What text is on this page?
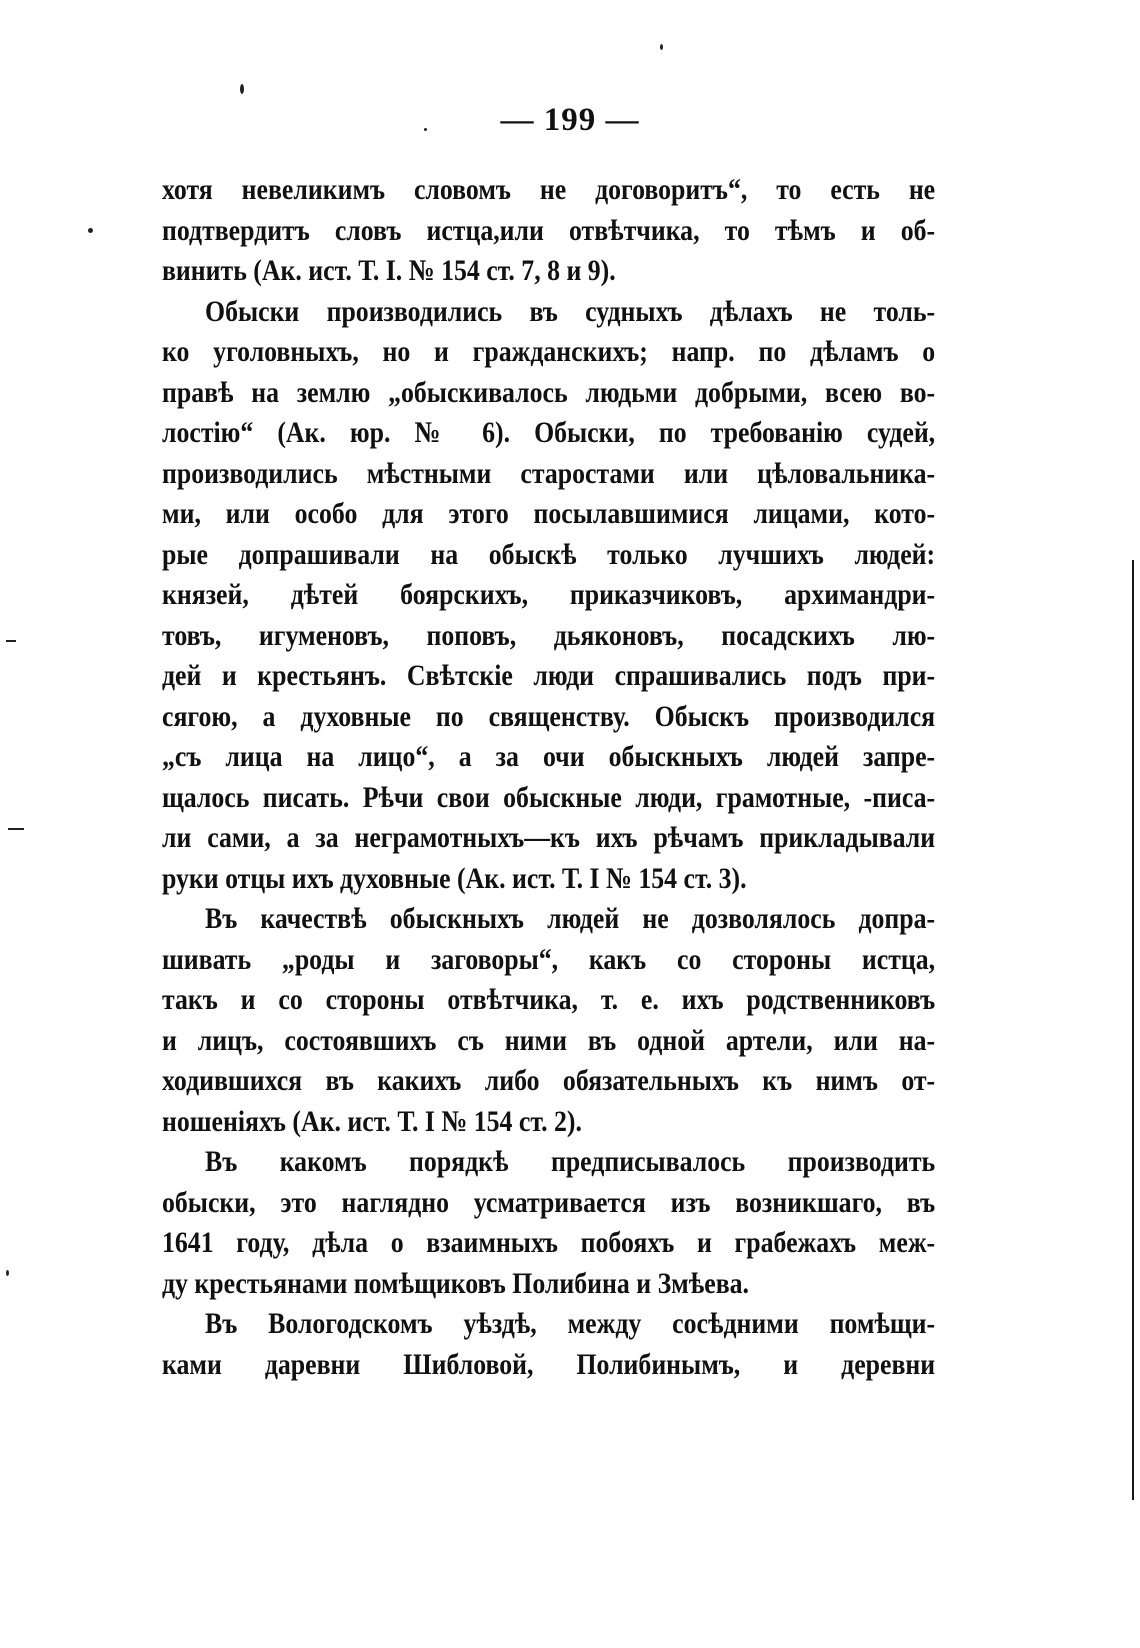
— 199 —
хотя невеликимъ словомъ не договоритъ“, то есть не
подтвердитъ словъ истца,или отвѣтчика, то тѣмъ и об-
винить (Ак. ист. Т. I. № 154 ст. 7, 8 и 9).
Обыски производились въ судныхъ дѣлахъ не толь-
ко уголовныхъ, но и гражданскихъ; напр. по дѣламъ о
правѣ на землю „обыскивалось людьми добрыми, всею во-
лостію“ (Ак. юр. № 6). Обыски, по требованію судей,
производились мѣстными старостами или цѣловальника-
ми, или особо для этого посылавшимися лицами, кото-
рые допрашивали на обыскѣ только лучшихъ людей:
князей, дѣтей боярскихъ, приказчиковъ, архимандри-
товъ, игуменовъ, поповъ, дьяконовъ, посадскихъ лю-
дей и крестьянъ. Свѣтскіе люди спрашивались подъ при-
сягою, а духовные по священству. Обыскъ производился
„съ лица на лицо“, а за очи обыскныхъ людей запре-
щалось писать. Рѣчи свои обыскные люди, грамотные, -писа-
ли сами, а за неграмотныхъ—къ ихъ рѣчамъ прикладывали
руки отцы ихъ духовные (Ак. ист. Т. I № 154 ст. 3).
Въ качествѣ обыскныхъ людей не дозволялось допра-
шивать „роды и заговоры“, какъ со стороны истца,
такъ и со стороны отвѣтчика, т. е. ихъ родственниковъ
и лицъ, состоявшихъ съ ними въ одной артели, или на-
ходившихся въ какихъ либо обязательныхъ къ нимъ от-
ношеніяхъ (Ак. ист. Т. I № 154 ст. 2).
Въ какомъ порядкѣ предписывалось производить
обыски, это наглядно усматривается изъ возникшаго, въ
1641 году, дѣла о взаимныхъ побояхъ и грабежахъ меж-
ду крестьянами помѣщиковъ Полибина и Змѣева.
Въ Вологодскомъ уѣздѣ, между сосѣдними помѣщи-
ками даревни Шибловой, Полибинымъ, и деревни
